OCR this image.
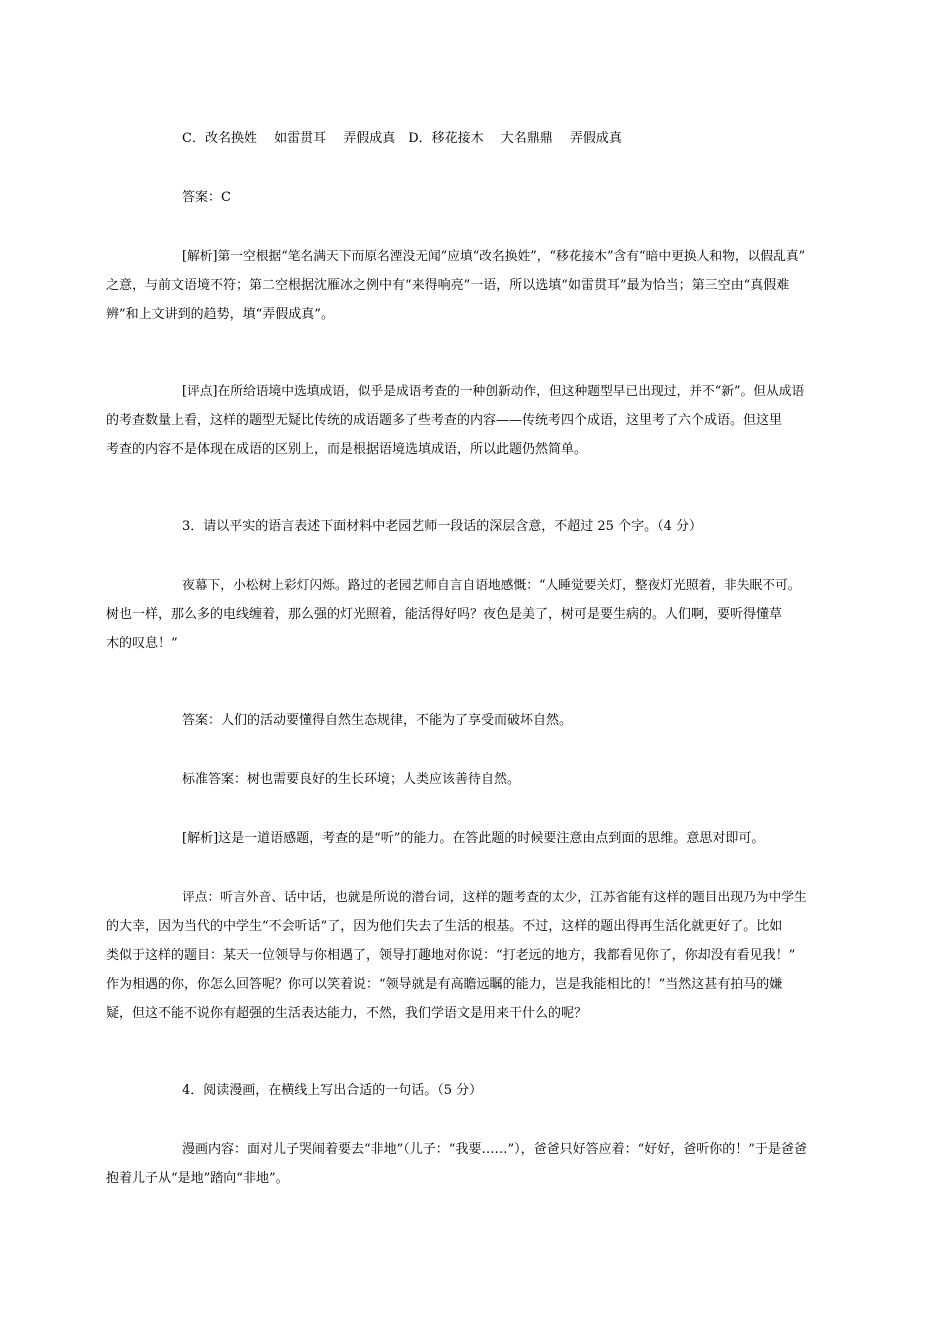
C．改名换姓　 如雷贯耳　 弄假成真　D．移花接木　 大名鼎鼎　 弄假成真

答案：C

[解析]第一空根据“笔名满天下而原名湮没无闻”应填“改名换姓”，“移花接木”含有“暗中更换人和物，以假乱真”
之意，与前文语境不符；第二空根据沈雁冰之例中有“来得响亮”一语，所以选填“如雷贯耳”最为恰当；第三空由“真假难
辨”和上文讲到的趋势，填“弄假成真”。

[评点]在所给语境中选填成语，似乎是成语考查的一种创新动作，但这种题型早已出现过，并不“新”。但从成语
的考查数量上看，这样的题型无疑比传统的成语题多了些考查的内容——传统考四个成语，这里考了六个成语。但这里
考查的内容不是体现在成语的区别上，而是根据语境选填成语，所以此题仍然简单。

3．请以平实的语言表述下面材料中老园艺师一段话的深层含意，不超过 25 个字。（4 分）

夜幕下，小松树上彩灯闪烁。路过的老园艺师自言自语地感慨：“人睡觉要关灯，整夜灯光照着，非失眠不可。
树也一样，那么多的电线缠着，那么强的灯光照着，能活得好吗？夜色是美了，树可是要生病的。人们啊，要听得懂草
木的叹息！”

答案：人们的活动要懂得自然生态规律，不能为了享受而破坏自然。

标准答案：树也需要良好的生长环境；人类应该善待自然。

[解析]这是一道语感题，考查的是“听”的能力。在答此题的时候要注意由点到面的思维。意思对即可。

评点：听言外音、话中话，也就是所说的潜台词，这样的题考查的太少，江苏省能有这样的题目出现乃为中学生
的大幸，因为当代的中学生“不会听话”了，因为他们失去了生活的根基。不过，这样的题出得再生活化就更好了。比如
类似于这样的题目：某天一位领导与你相遇了，领导打趣地对你说：“打老远的地方，我都看见你了，你却没有看见我！”
作为相遇的你，你怎么回答呢？你可以笑着说：“领导就是有高瞻远瞩的能力，岂是我能相比的！”当然这甚有拍马的嫌
疑，但这不能不说你有超强的生活表达能力，不然，我们学语文是用来干什么的呢？

4．阅读漫画，在横线上写出合适的一句话。（5 分）

漫画内容：面对儿子哭闹着要去“非地”（儿子：“我要……”），爸爸只好答应着：“好好，爸听你的！”于是爸爸
抱着儿子从“是地”踏向“非地”。
